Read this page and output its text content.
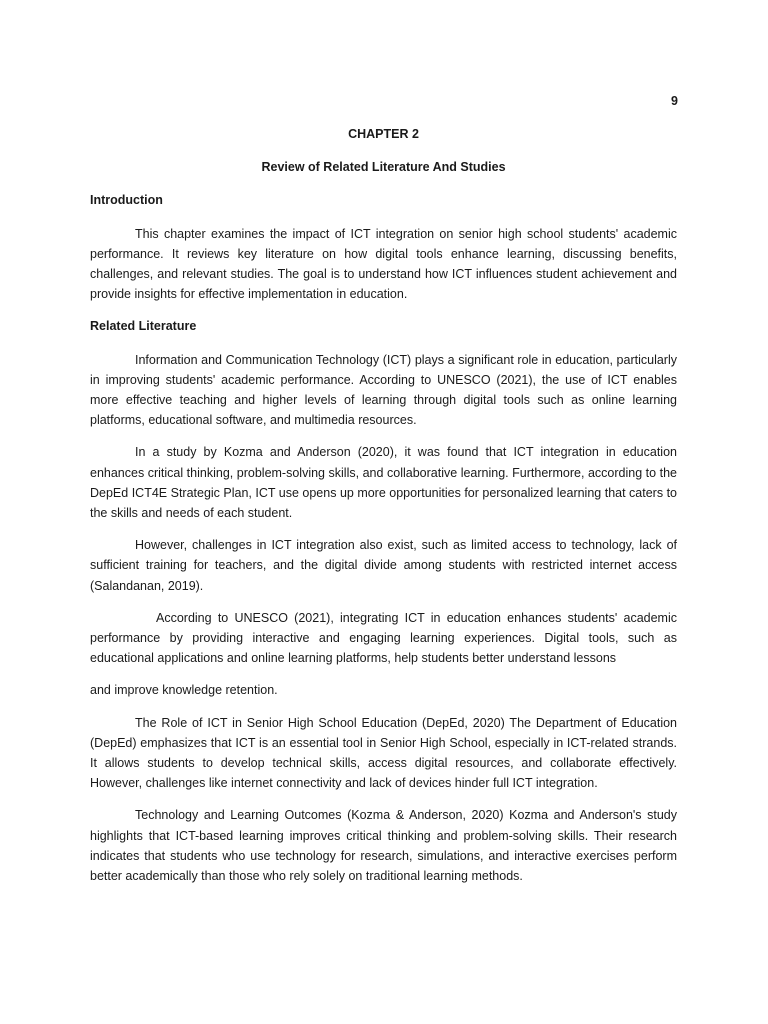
9
CHAPTER 2
Review of Related Literature And Studies
Introduction

This chapter examines the impact of ICT integration on senior high school students' academic performance. It reviews key literature on how digital tools enhance learning, discussing benefits, challenges, and relevant studies. The goal is to understand how ICT influences student achievement and provide insights for effective implementation in education.

Related Literature

Information and Communication Technology (ICT) plays a significant role in education, particularly in improving students' academic performance. According to UNESCO (2021), the use of ICT enables more effective teaching and higher levels of learning through digital tools such as online learning platforms, educational software, and multimedia resources.

In a study by Kozma and Anderson (2020), it was found that ICT integration in education enhances critical thinking, problem-solving skills, and collaborative learning. Furthermore, according to the DepEd ICT4E Strategic Plan, ICT use opens up more opportunities for personalized learning that caters to the skills and needs of each student.

However, challenges in ICT integration also exist, such as limited access to technology, lack of sufficient training for teachers, and the digital divide among students with restricted internet access (Salandanan, 2019).

According to UNESCO (2021), integrating ICT in education enhances students' academic performance by providing interactive and engaging learning experiences. Digital tools, such as educational applications and online learning platforms, help students better understand lessons

and improve knowledge retention.

The Role of ICT in Senior High School Education (DepEd, 2020) The Department of Education (DepEd) emphasizes that ICT is an essential tool in Senior High School, especially in ICT-related strands. It allows students to develop technical skills, access digital resources, and collaborate effectively. However, challenges like internet connectivity and lack of devices hinder full ICT integration.

Technology and Learning Outcomes (Kozma & Anderson, 2020) Kozma and Anderson's study highlights that ICT-based learning improves critical thinking and problem-solving skills. Their research indicates that students who use technology for research, simulations, and interactive exercises perform better academically than those who rely solely on traditional learning methods.
